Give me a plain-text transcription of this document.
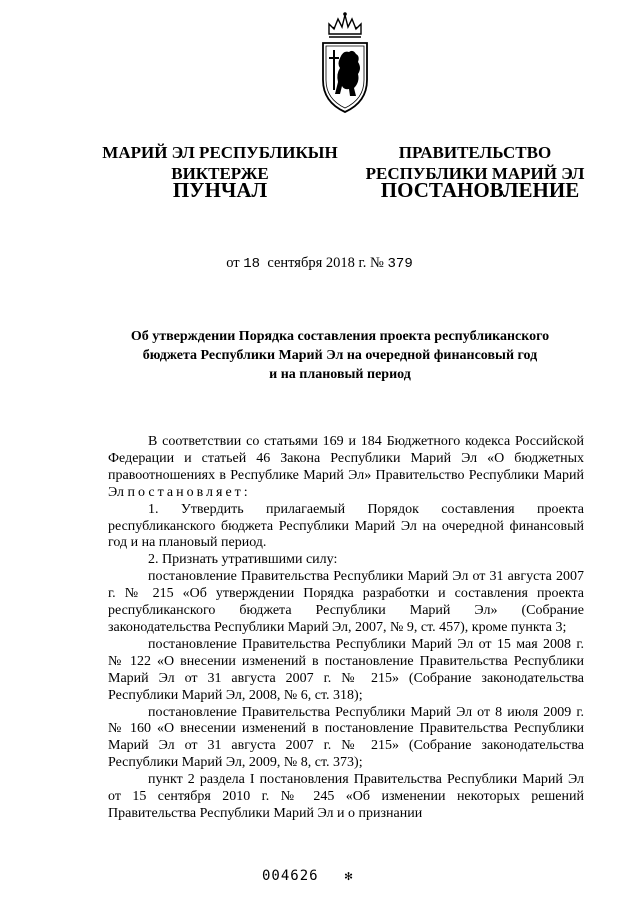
МАРИЙ ЭЛ РЕСПУБЛИКЫН
ВИКТЕРЖЕ
ПРАВИТЕЛЬСТВО
РЕСПУБЛИКИ МАРИЙ ЭЛ
ПУНЧАЛ	ПОСТАНОВЛЕНИЕ
от 18 сентября 2018 г. № 379
Об утверждении Порядка составления проекта республиканского
бюджета Республики Марий Эл на очередной финансовый год
и на плановый период

В соответствии со статьями 169 и 184 Бюджетного кодекса Российской Федерации и статьей 46 Закона Республики Марий Эл «О бюджетных правоотношениях в Республике Марий Эл» Правительство Республики Марий Эл постановляет:

1. Утвердить прилагаемый Порядок составления проекта республиканского бюджета Республики Марий Эл на очередной финансовый год и на плановый период.

2. Признать утратившими силу:

постановление Правительства Республики Марий Эл от 31 августа 2007 г. № 215 «Об утверждении Порядка разработки и составления проекта республиканского бюджета Республики Марий Эл» (Собрание законодательства Республики Марий Эл, 2007, № 9, ст. 457), кроме пункта 3;

постановление Правительства Республики Марий Эл от 15 мая 2008 г. № 122 «О внесении изменений в постановление Правительства Республики Марий Эл от 31 августа 2007 г. № 215» (Собрание законодательства Республики Марий Эл, 2008, № 6, ст. 318);

постановление Правительства Республики Марий Эл от 8 июля 2009 г. № 160 «О внесении изменений в постановление Правительства Республики Марий Эл от 31 августа 2007 г. № 215» (Собрание законодательства Республики Марий Эл, 2009, № 8, ст. 373);

пункт 2 раздела I постановления Правительства Республики Марий Эл от 15 сентября 2010 г. № 245 «Об изменении некоторых решений Правительства Республики Марий Эл и о признании

004626 ✻
